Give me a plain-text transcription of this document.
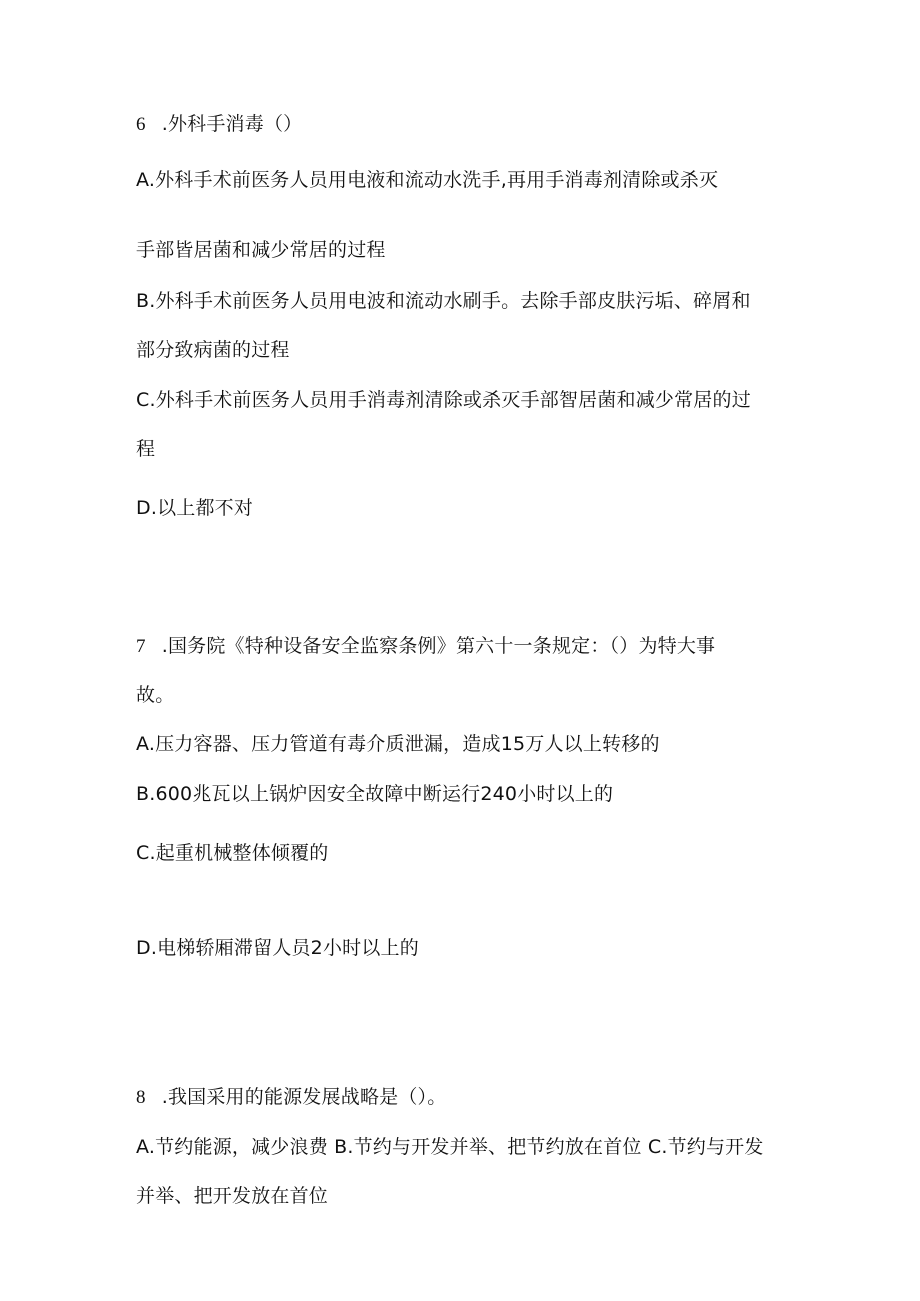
6 .外科手消毒（）
A.外科手术前医务人员用电液和流动水洗手,再用手消毒剂清除或杀灭
手部皆居菌和减少常居的过程
B.外科手术前医务人员用电波和流动水刷手。去除手部皮肤污垢、碎屑和
部分致病菌的过程
C.外科手术前医务人员用手消毒剂清除或杀灭手部智居菌和减少常居的过
程
D.以上都不对
7 .国务院《特种设备安全监察条例》第六十一条规定：（）为特大事
故。
A.压力容器、压力管道有毒介质泄漏，造成15万人以上转移的
B.600兆瓦以上锅炉因安全故障中断运行240小时以上的
C.起重机械整体倾覆的
D.电梯轿厢滞留人员2小时以上的
8 .我国采用的能源发展战略是（）。
A.节约能源，减少浪费 B.节约与开发并举、把节约放在首位 C.节约与开发
并举、把开发放在首位
